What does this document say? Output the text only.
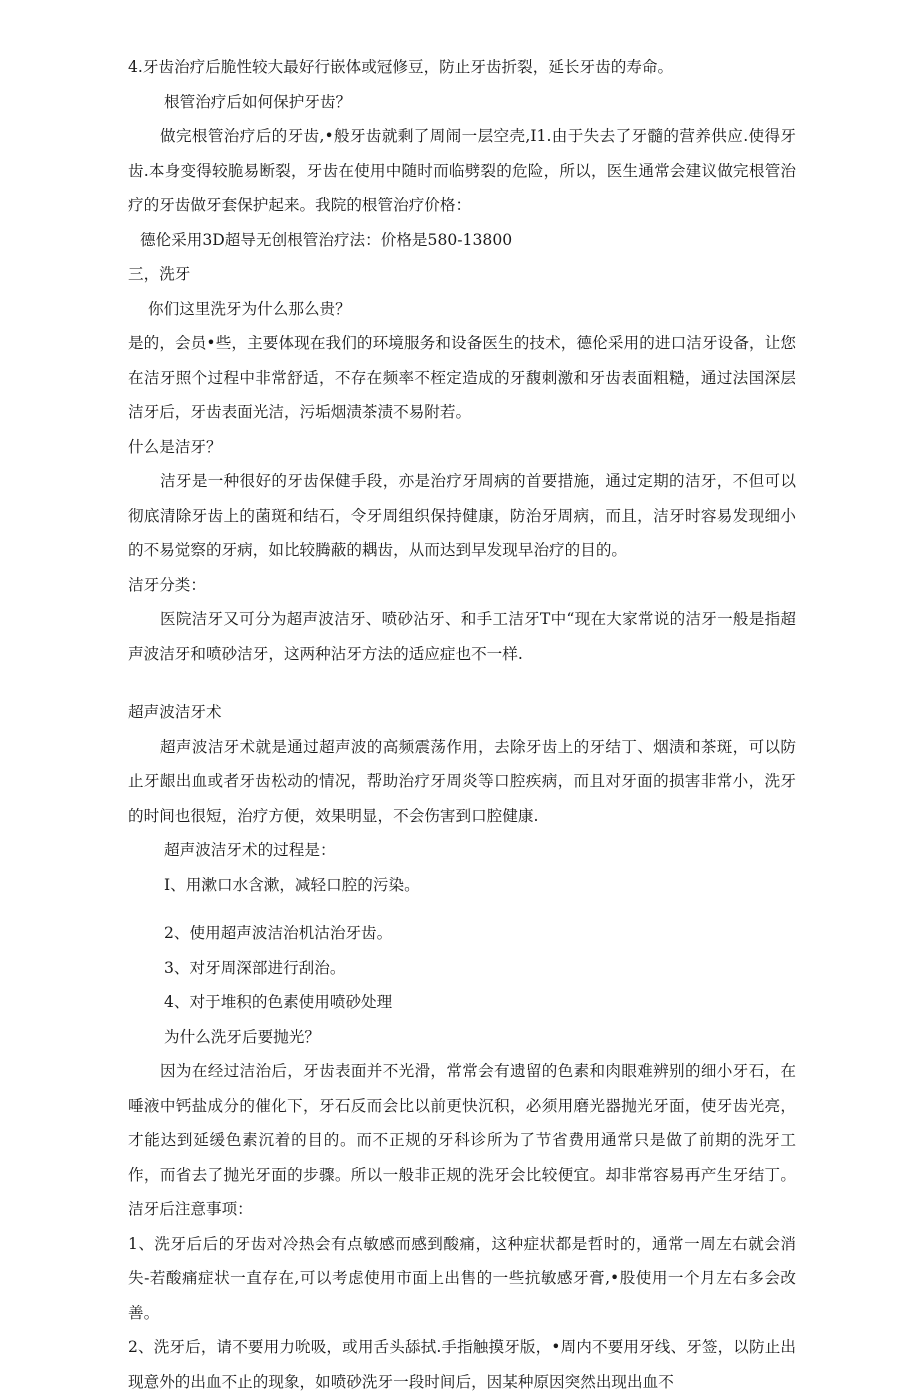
4.牙齿治疗后脆性较大最好行嵌体或冠修豆，防止牙齿折裂，延长牙齿的寿命。

根管治疗后如何保护牙齿？

做完根管治疗后的牙齿,•般牙齿就剩了周闹一层空壳,I1.由于失去了牙髓的营养供应.使得牙齿.本身变得较脆易断裂，牙齿在使用中随时而临劈裂的危险，所以，医生通常会建议做完根管治疗的牙齿做牙套保护起来。我院的根管治疗价格：

德伦采用3D超导无创根管治疗法：价格是580-13800

三，洗牙

你们这里洗牙为什么那么贵？

是的，会员•些，主要体现在我们的环境服务和设备医生的技术，德伦采用的进口洁牙设备，让您在洁牙照个过程中非常舒适，不存在频率不桎定造成的牙馥刺激和牙齿表面粗糙，通过法国深层洁牙后，牙齿表面光洁，污垢烟渍茶渍不易附若。

什么是洁牙？

洁牙是一种很好的牙齿保健手段，亦是治疗牙周病的首要措施，通过定期的洁牙，不但可以彻底清除牙齿上的菌斑和结石，令牙周组织保持健康，防治牙周病，而且，洁牙时容易发现细小的不易觉察的牙病，如比较腾蔽的耦齿，从而达到早发现早治疗的目的。

洁牙分类：

医院洁牙又可分为超声波洁牙、喷砂沾牙、和手工洁牙T中“现在大家常说的洁牙一般是指超声波洁牙和喷砂洁牙，这两种沾牙方法的适应症也不一样.

超声波洁牙术

超声波洁牙术就是通过超声波的高频震荡作用，去除牙齿上的牙结丁、烟渍和茶斑，可以防止牙龈出血或者牙齿松动的情况，帮助治疗牙周炎等口腔疾病，而且对牙面的损害非常小，洗牙的时间也很短，治疗方便，效果明显，不会伤害到口腔健康.

超声波洁牙术的过程是：

I、用漱口水含漱，减轻口腔的污染。

2、使用超声波洁治机沽治牙齿。

3、对牙周深部进行刮治。

4、对于堆积的色素使用喷砂处理

为什么洗牙后要抛光？

因为在经过洁治后，牙齿表面并不光滑，常常会有遗留的色素和肉眼难辨别的细小牙石，在唾液中钙盐成分的催化下，牙石反而会比以前更快沉积，必须用磨光器抛光牙面，使牙齿光亮，才能达到延缓色素沉着的目的。而不正规的牙科诊所为了节省费用通常只是做了前期的洗牙工作，而省去了抛光牙面的步骤。所以一般非正规的洗牙会比较便宜。却非常容易再产生牙结丁。洁牙后注意事项：

1、洗牙后后的牙齿对冷热会有点敏感而感到酸痛，这种症状都是哲时的，通常一周左右就会消失-若酸痛症状一直存在,可以考虑使用市面上出售的一些抗敏感牙膏,•股使用一个月左右多会改善。

2、洗牙后，请不要用力吮吸，或用舌头舔拭.手指触摸牙版，•周内不要用牙线、牙签，以防止出现意外的出血不止的现象，如喷砂洗牙一段时间后，因某种原因突然出现出血不
